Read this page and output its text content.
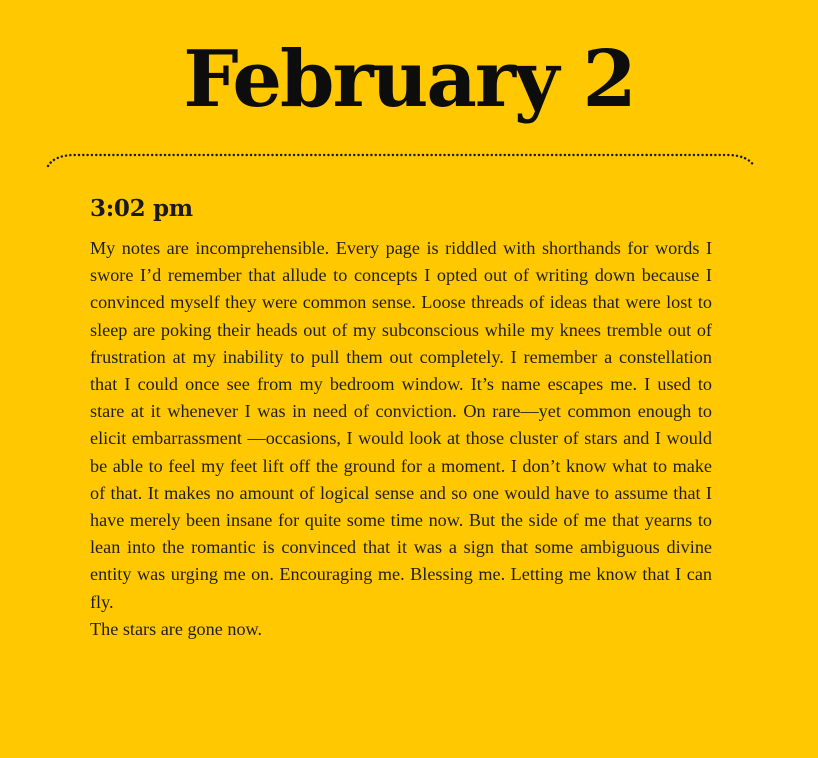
February 2
3:02 pm

My notes are incomprehensible. Every page is riddled with shorthands for words I swore I’d remember that allude to concepts I opted out of writing down because I convinced myself they were common sense. Loose threads of ideas that were lost to sleep are poking their heads out of my subconscious while my knees tremble out of frustration at my inability to pull them out completely. I remember a constellation that I could once see from my bedroom window. It’s name escapes me. I used to stare at it whenever I was in need of conviction. On rare—yet common enough to elicit embarrassment —occasions, I would look at those cluster of stars and I would be able to feel my feet lift off the ground for a moment. I don’t know what to make of that. It makes no amount of logical sense and so one would have to assume that I have merely been insane for quite some time now. But the side of me that yearns to lean into the romantic is convinced that it was a sign that some ambiguous divine entity was urging me on. Encouraging me. Blessing me. Letting me know that I can fly.

The stars are gone now.
